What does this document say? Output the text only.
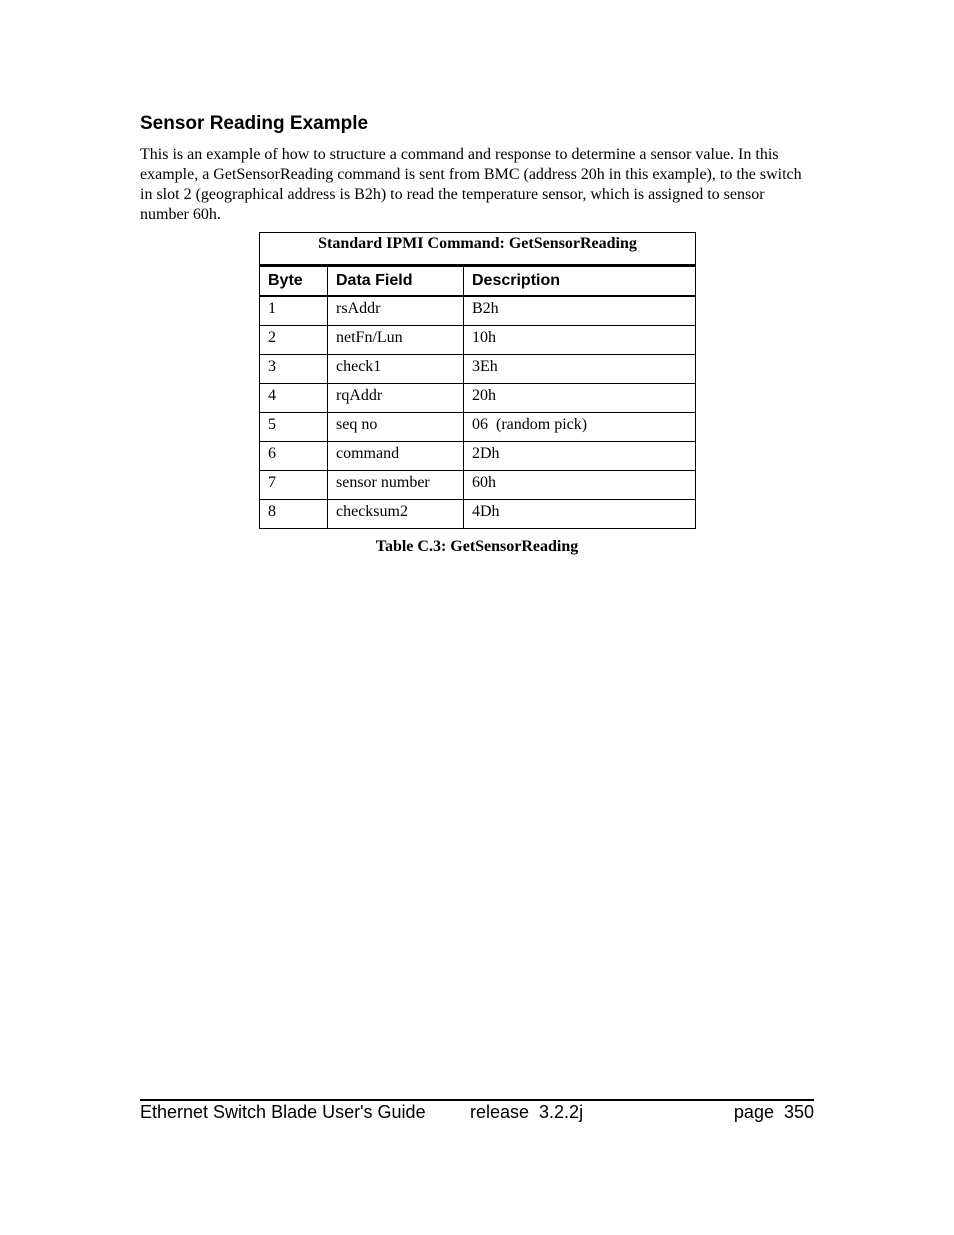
Sensor Reading Example

This is an example of how to structure a command and response to determine a sensor value. In this example, a GetSensorReading command is sent from BMC (address 20h in this example), to the switch in slot 2 (geographical address is B2h) to read the temperature sensor, which is assigned to sensor number 60h.

Standard IPMI Command: GetSensorReading		
Byte	Data Field	Description
1	rsAddr	B2h
2	netFn/Lun	10h
3	check1	3Eh
4	rqAddr	20h
5	seq no	06  (random pick)
6	command	2Dh
7	sensor number	60h
8	checksum2	4Dh

Table C.3: GetSensorReading

Ethernet Switch Blade User's Guide release  3.2.2j	page  350
